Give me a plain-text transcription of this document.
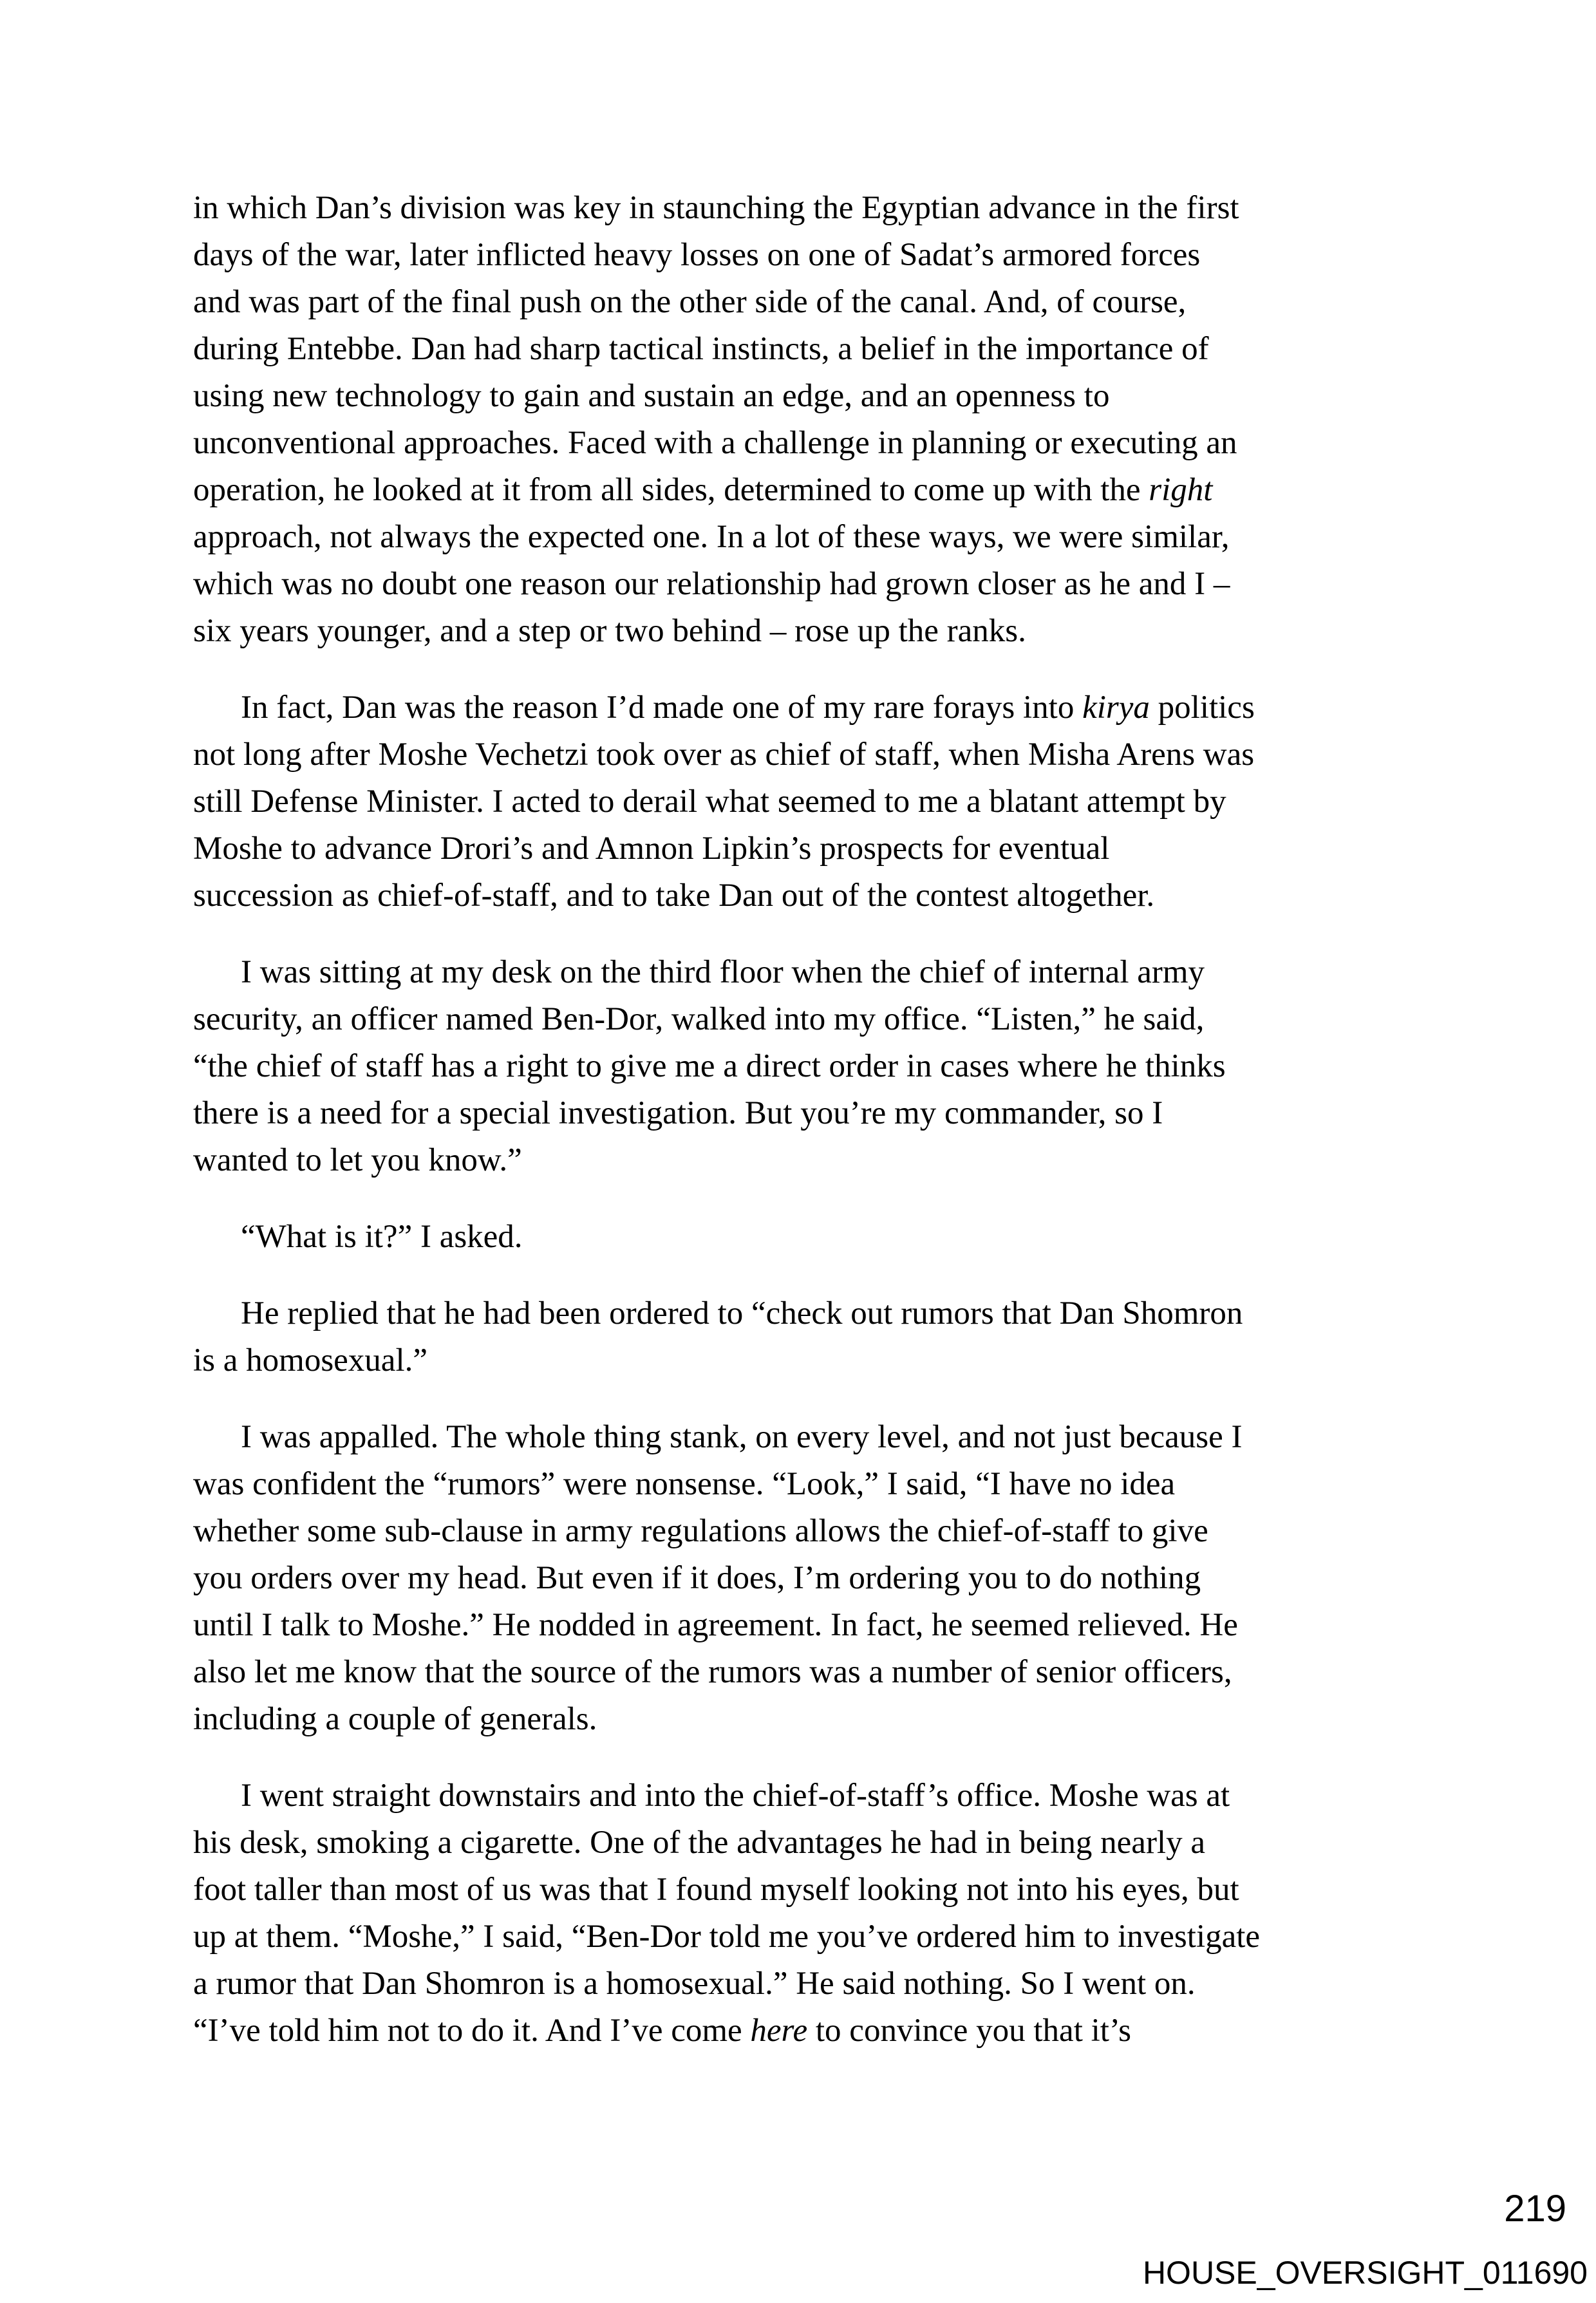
in which Dan’s division was key in staunching the Egyptian advance in the first
days of the war, later inflicted heavy losses on one of Sadat’s armored forces
and was part of the final push on the other side of the canal. And, of course,
during Entebbe. Dan had sharp tactical instincts, a belief in the importance of
using new technology to gain and sustain an edge, and an openness to
unconventional approaches. Faced with a challenge in planning or executing an
operation, he looked at it from all sides, determined to come up with the right
approach, not always the expected one. In a lot of these ways, we were similar,
which was no doubt one reason our relationship had grown closer as he and I –
six years younger, and a step or two behind – rose up the ranks.

In fact, Dan was the reason I’d made one of my rare forays into kirya politics
not long after Moshe Vechetzi took over as chief of staff, when Misha Arens was
still Defense Minister. I acted to derail what seemed to me a blatant attempt by
Moshe to advance Drori’s and Amnon Lipkin’s prospects for eventual
succession as chief-of-staff, and to take Dan out of the contest altogether.

I was sitting at my desk on the third floor when the chief of internal army
security, an officer named Ben-Dor, walked into my office. “Listen,” he said,
“the chief of staff has a right to give me a direct order in cases where he thinks
there is a need for a special investigation. But you’re my commander, so I
wanted to let you know.”

“What is it?” I asked.

He replied that he had been ordered to “check out rumors that Dan Shomron
is a homosexual.”

I was appalled. The whole thing stank, on every level, and not just because I
was confident the “rumors” were nonsense. “Look,” I said, “I have no idea
whether some sub-clause in army regulations allows the chief-of-staff to give
you orders over my head. But even if it does, I’m ordering you to do nothing
until I talk to Moshe.” He nodded in agreement. In fact, he seemed relieved. He
also let me know that the source of the rumors was a number of senior officers,
including a couple of generals.

I went straight downstairs and into the chief-of-staff’s office. Moshe was at
his desk, smoking a cigarette. One of the advantages he had in being nearly a
foot taller than most of us was that I found myself looking not into his eyes, but
up at them. “Moshe,” I said, “Ben-Dor told me you’ve ordered him to investigate
a rumor that Dan Shomron is a homosexual.” He said nothing. So I went on.
“I’ve told him not to do it. And I’ve come here to convince you that it’s

219
HOUSE_OVERSIGHT_011690
